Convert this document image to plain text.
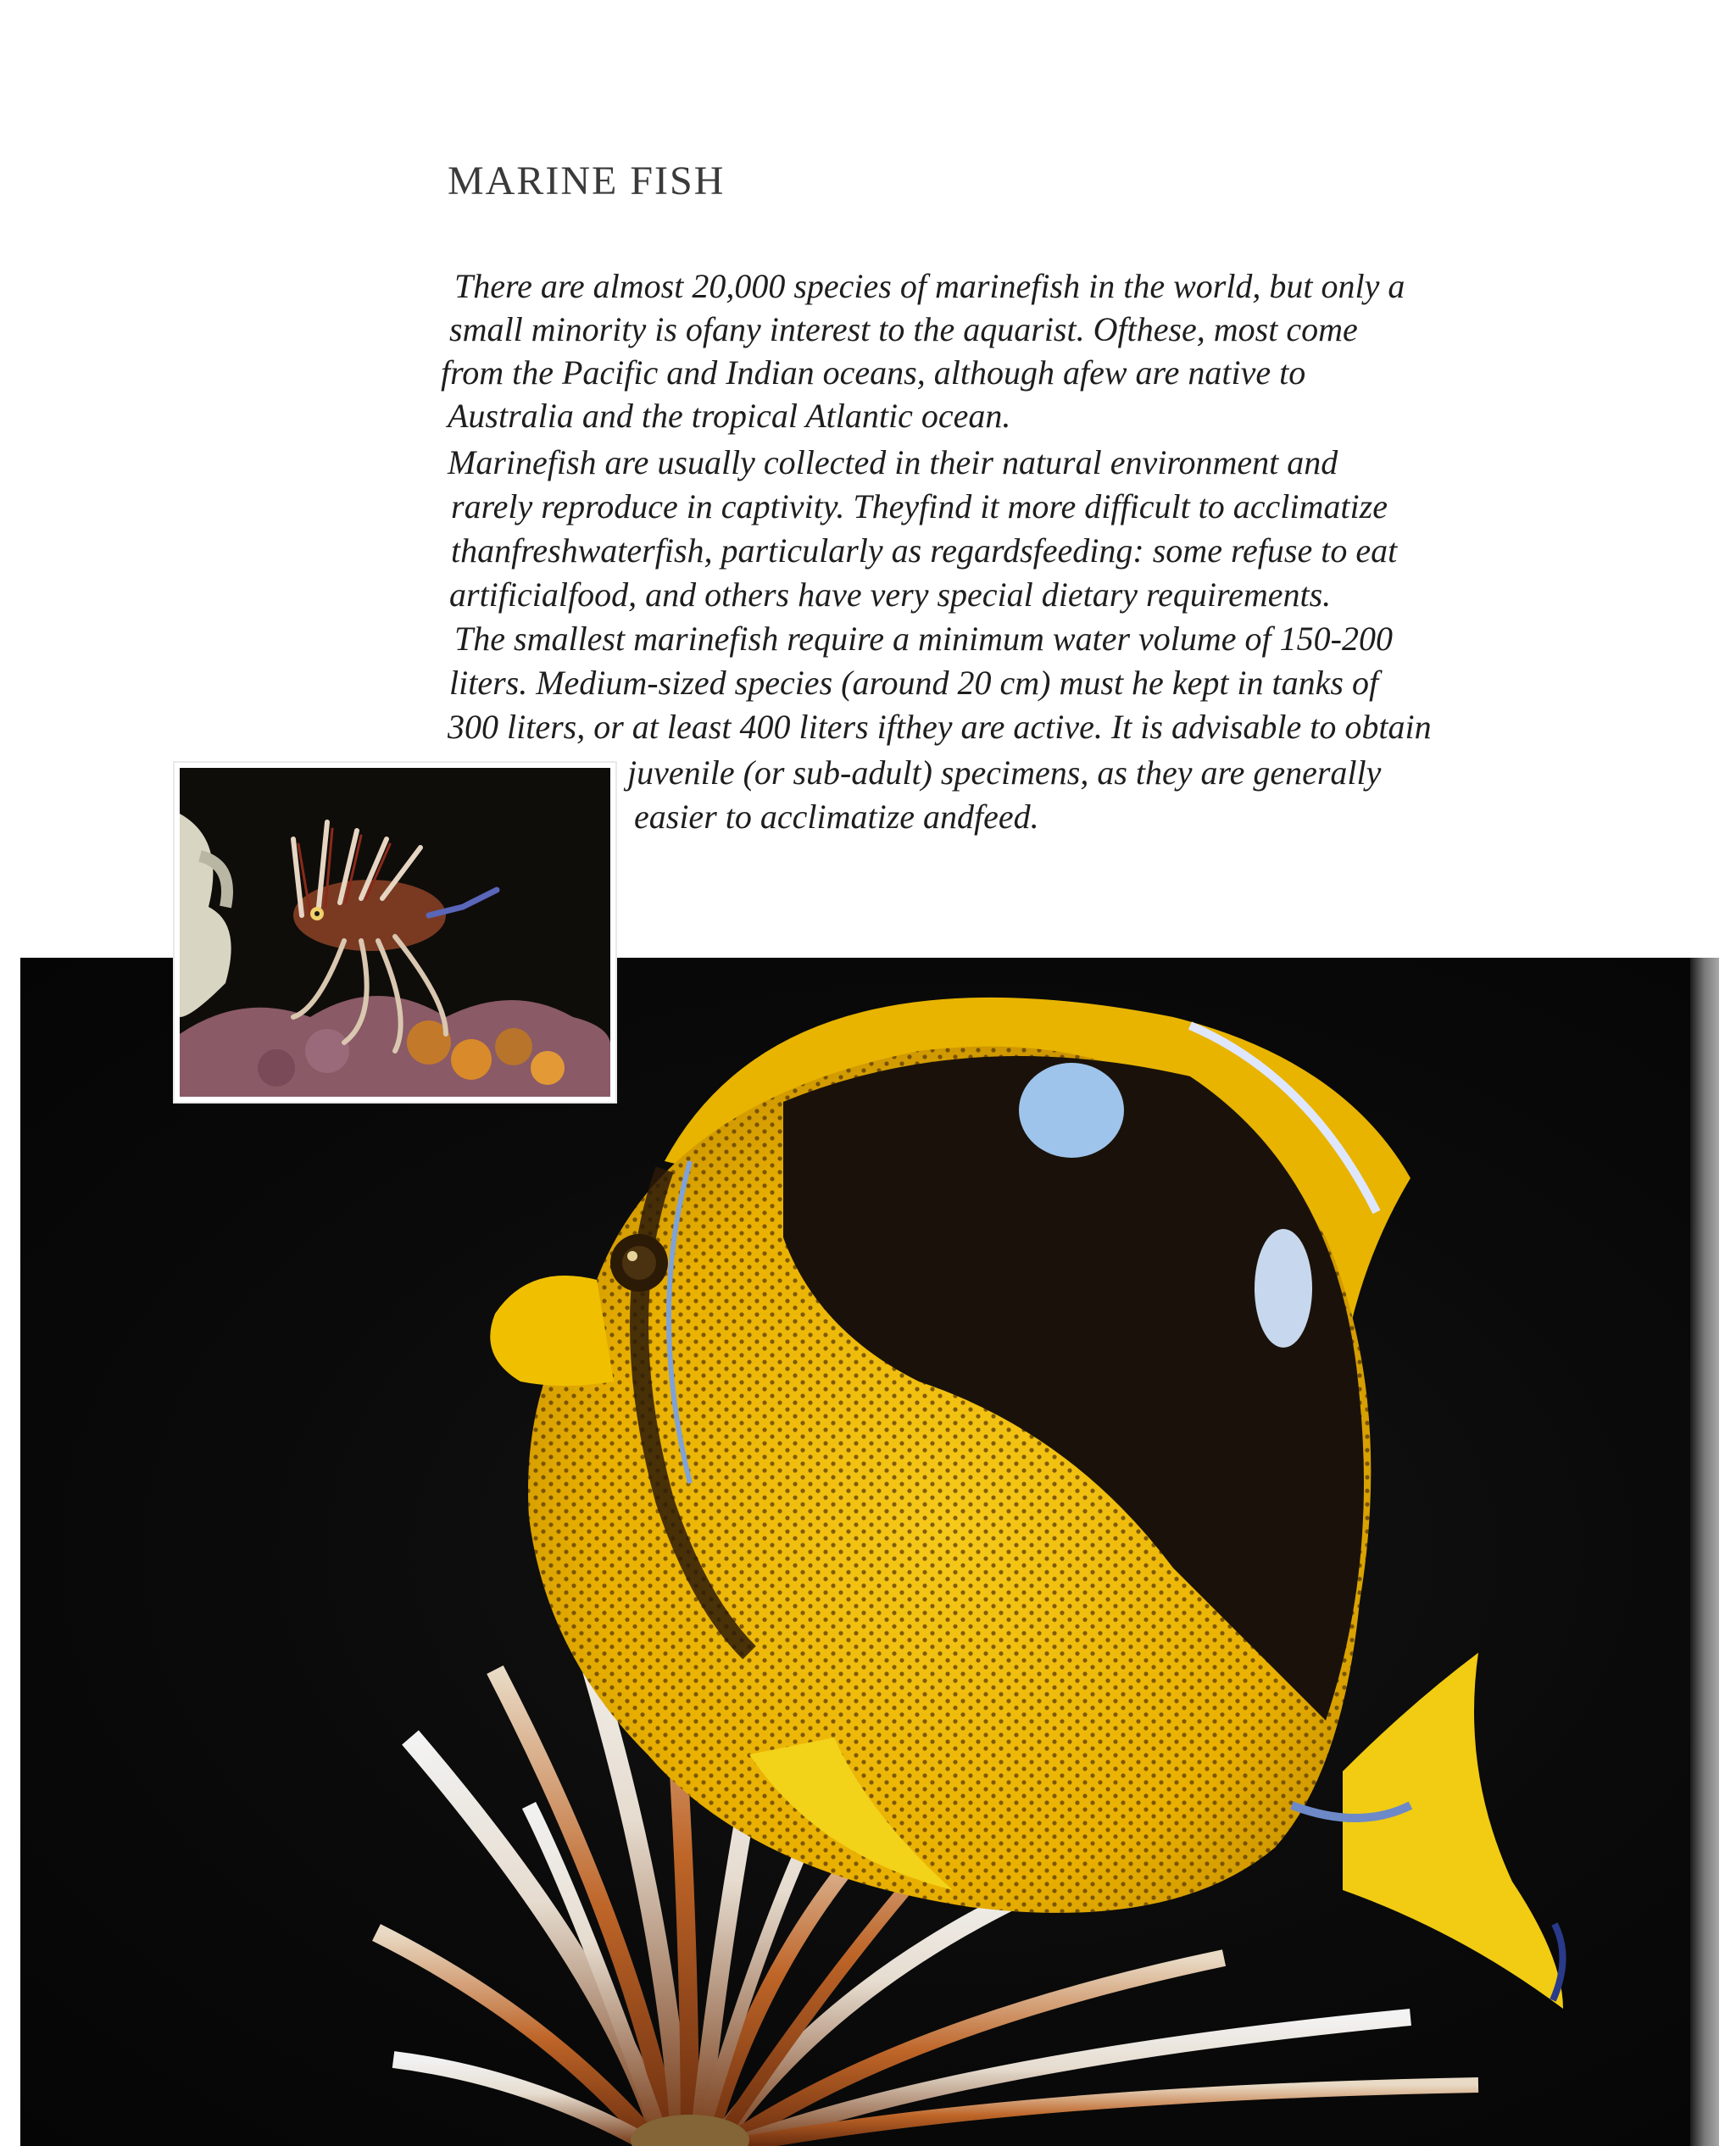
MARINE FISH
There are almost 20,000 species of marinefish in the world, but only a
small minority is ofany interest to the aquarist. Ofthese, most come
from the Pacific and Indian oceans, although afew are native to
Australia and the tropical Atlantic ocean.
Marinefish are usually collected in their natural environment and
rarely reproduce in captivity. Theyfind it more difficult to acclimatize
thanfreshwaterfish, particularly as regardsfeeding: some refuse to eat
artificialfood, and others have very special dietary requirements.
The smallest marinefish require a minimum water volume of 150-200
liters. Medium-sized species (around 20 cm) must he kept in tanks of
300 liters, or at least 400 liters ifthey are active. It is advisable to obtain
juvenile (or sub-adult) specimens, as they are generally
easier to acclimatize andfeed.
